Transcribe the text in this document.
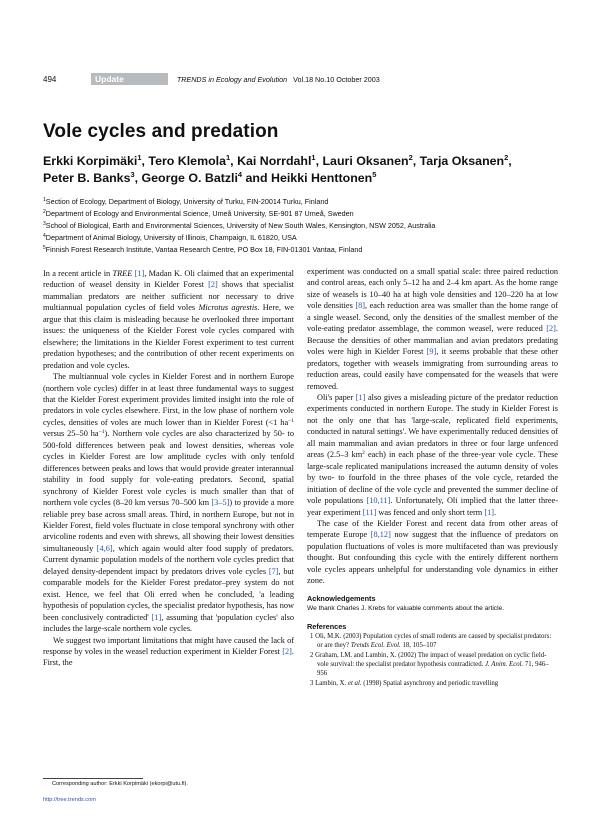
494	Update	TRENDS in Ecology and Evolution Vol.18 No.10 October 2003
Vole cycles and predation
Erkki Korpimäki$^1$, Tero Klemola$^1$, Kai Norrdahl$^1$, Lauri Oksanen$^2$, Tarja Oksanen$^2$,
Peter B. Banks$^3$, George O. Batzli$^4$ and Heikki Henttonen$^5$
$^1$Section of Ecology, Department of Biology, University of Turku, FIN-20014 Turku, Finland
$^2$Department of Ecology and Environmental Science, Umeå University, SE-901 87 Umeå, Sweden
$^3$School of Biological, Earth and Environmental Sciences, University of New South Wales, Kensington, NSW 2052, Australia
$^4$Department of Animal Biology, University of Illinois, Champaign, IL 61820, USA
$^5$Finnish Forest Research Institute, Vantaa Research Centre, PO Box 18, FIN-01301 Vantaa, Finland

In a recent article in TREE [1], Madan K. Oli claimed that an experimental reduction of weasel density in Kielder Forest [2] shows that specialist mammalian predators are neither sufficient nor necessary to drive multiannual population cycles of field voles Microtus agrestis. Here, we argue that this claim is misleading because he overlooked three important issues: the uniqueness of the Kielder Forest vole cycles compared with elsewhere; the limitations in the Kielder Forest experiment to test current predation hypotheses; and the contribution of other recent experiments on predation and vole cycles.

The multiannual vole cycles in Kielder Forest and in northern Europe (northern vole cycles) differ in at least three fundamental ways to suggest that the Kielder Forest experiment provides limited insight into the role of predators in vole cycles elsewhere. First, in the low phase of northern vole cycles, densities of voles are much lower than in Kielder Forest (<1 $ha^{-1}$ versus 25–50 $ha^{-1}$). Northern vole cycles are also characterized by 50- to 500-fold differences between peak and lowest densities, whereas vole cycles in Kielder Forest are low amplitude cycles with only tenfold differences between peaks and lows that would provide greater interannual stability in food supply for vole-eating predators. Second, spatial synchrony of Kielder Forest vole cycles is much smaller than that of northern vole cycles (8–20 km versus 70–500 km [3–5]) to provide a more reliable prey base across small areas. Third, in northern Europe, but not in Kielder Forest, field voles fluctuate in close temporal synchrony with other arvicoline rodents and even with shrews, all showing their lowest densities simultaneously [4,6], which again would alter food supply of predators. Current dynamic population models of the northern vole cycles predict that delayed density-dependent impact by predators drives vole cycles [7], but comparable models for the Kielder Forest predator–prey system do not exist. Hence, we feel that Oli erred when he concluded, 'a leading hypothesis of population cycles, the specialist predator hypothesis, has now been conclusively contradicted' [1], assuming that 'population cycles' also includes the large-scale northern vole cycles.

We suggest two important limitations that might have caused the lack of response by voles in the weasel reduction experiment in Kielder Forest [2]. First, the

experiment was conducted on a small spatial scale: three paired reduction and control areas, each only 5–12 ha and 2–4 km apart. As the home range size of weasels is 10–40 ha at high vole densities and 120–220 ha at low vole densities [8], each reduction area was smaller than the home range of a single weasel. Second, only the densities of the smallest member of the vole-eating predator assemblage, the common weasel, were reduced [2]. Because the densities of other mammalian and avian predators predating voles were high in Kielder Forest [9], it seems probable that these other predators, together with weasels immigrating from surrounding areas to reduction areas, could easily have compensated for the weasels that were removed.

Oli's paper [1] also gives a misleading picture of the predator reduction experiments conducted in northern Europe. The study in Kielder Forest is not the only one that has 'large-scale, replicated field experiments, conducted in natural settings'. We have experimentally reduced densities of all main mammalian and avian predators in three or four large unfenced areas (2.5–3 $km^2$ each) in each phase of the three-year vole cycle. These large-scale replicated manipulations increased the autumn density of voles by two- to fourfold in the three phases of the vole cycle, retarded the initiation of decline of the vole cycle and prevented the summer decline of vole populations [10,11]. Unfortunately, Oli implied that the latter three-year experiment [11] was fenced and only short term [1].

The case of the Kielder Forest and recent data from other areas of temperate Europe [8,12] now suggest that the influence of predators on population fluctuations of voles is more multifaceted than was previously thought. But confounding this cycle with the entirely different northern vole cycles appears unhelpful for understanding vole dynamics in either zone.

Acknowledgements
We thank Charles J. Krebs for valuable comments about the article.
References
1 Oli, M.K. (2003) Population cycles of small rodents are caused by specialist predators: or are they? Trends Ecol. Evol. 18, 105–107
2 Graham, I.M. and Lambin, X. (2002) The impact of weasel predation on cyclic field-vole survival: the specialist predator hypothesis contradicted. J. Anim. Ecol. 71, 946–956
3 Lambin, X. et al. (1998) Spatial asynchrony and periodic travelling
Corresponding author: Erkki Korpimäki (ekorpi@utu.fi).
http://tree.trends.com
